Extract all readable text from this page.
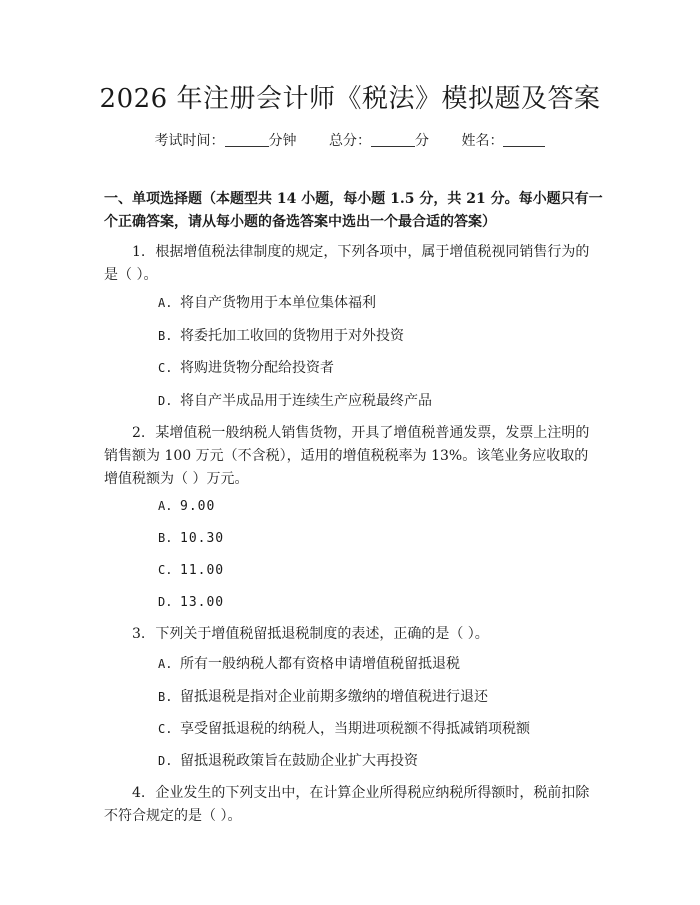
2026 年注册会计师《税法》模拟题及答案
考试时间：	分钟 总分：	分 姓名：
一、单项选择题（本题型共 14 小题，每小题 1.5 分，共 21 分。每小题只有一个正确答案，请从每小题的备选答案中选出一个最合适的答案）
1. 根据增值税法律制度的规定，下列各项中，属于增值税视同销售行为的是（ ）。
A. 将自产货物用于本单位集体福利
B. 将委托加工收回的货物用于对外投资
C. 将购进货物分配给投资者
D. 将自产半成品用于连续生产应税最终产品
2. 某增值税一般纳税人销售货物，开具了增值税普通发票，发票上注明的销售额为 100 万元（不含税），适用的增值税税率为 13%。该笔业务应收取的增值税额为（ ）万元。
A. 9.00
B. 10.30
C. 11.00
D. 13.00
3. 下列关于增值税留抵退税制度的表述，正确的是（ ）。
A. 所有一般纳税人都有资格申请增值税留抵退税
B. 留抵退税是指对企业前期多缴纳的增值税进行退还
C. 享受留抵退税的纳税人，当期进项税额不得抵减销项税额
D. 留抵退税政策旨在鼓励企业扩大再投资
4. 企业发生的下列支出中，在计算企业所得税应纳税所得额时，税前扣除不符合规定的是（ ）。
